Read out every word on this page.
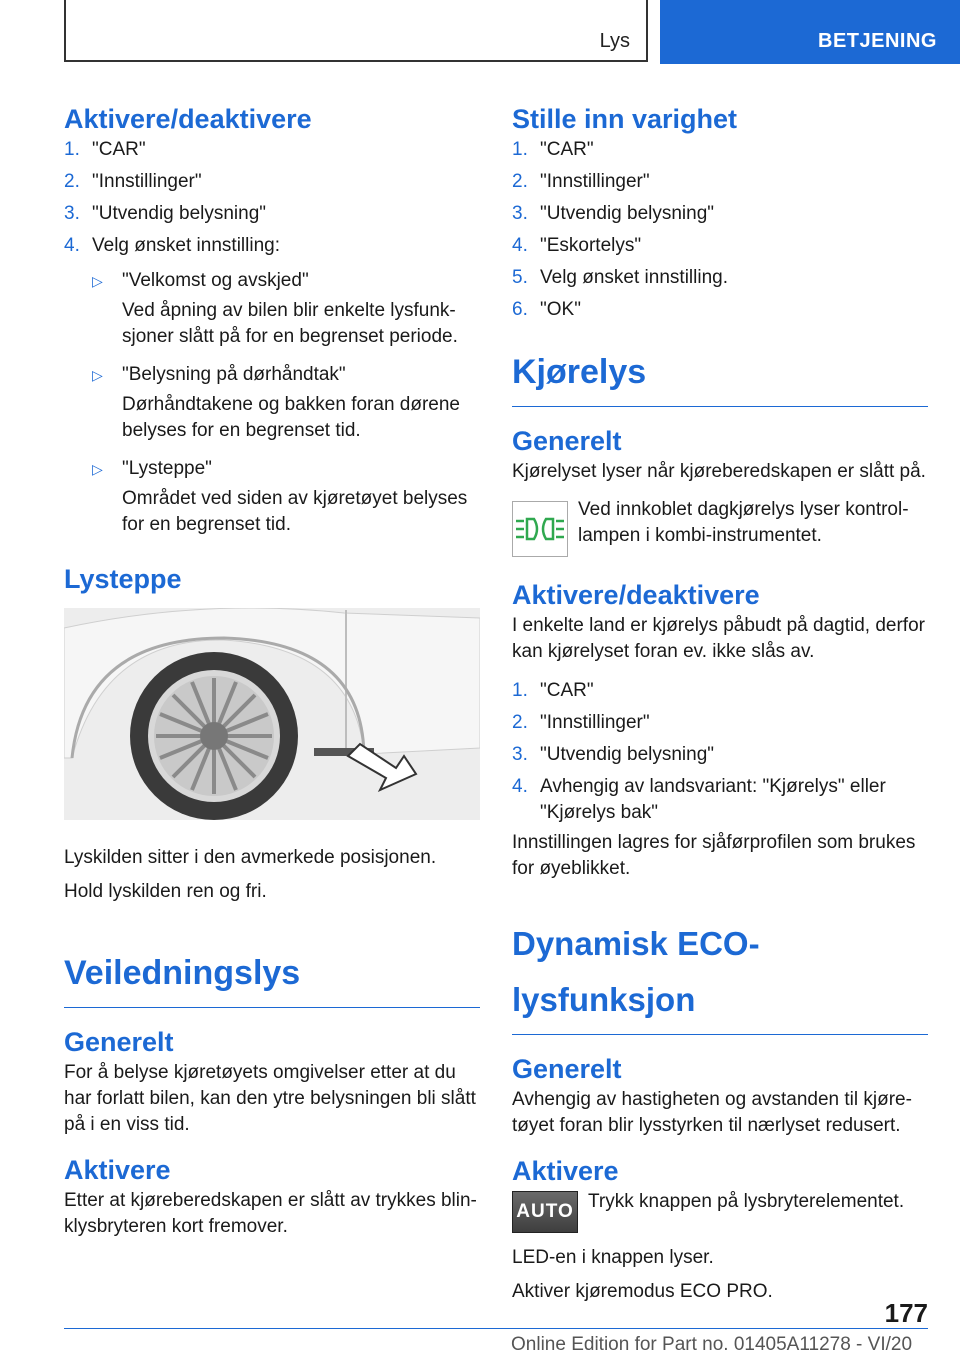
Lys	BETJENING
Aktivere/deaktivere
1. "CAR"
2. "Innstillinger"
3. "Utvendig belysning"
4. Velg ønsket innstilling:
▷	"Velkomst og avskjed"

Ved åpning av bilen blir enkelte lysfunk-sjoner slått på for en begrenset periode.

▷	"Belysning på dørhåndtak"

Dørhåndtakene og bakken foran dørene belyses for en begrenset tid.

▷	"Lysteppe"

Området ved siden av kjøretøyet belyses for en begrenset tid.

Lysteppe

Lyskilden sitter i den avmerkede posisjonen.

Hold lyskilden ren og fri.

Veiledningslys
Generelt

For å belyse kjøretøyets omgivelser etter at du har forlatt bilen, kan den ytre belysningen bli slått på i en viss tid.

Aktivere

Etter at kjøreberedskapen er slått av trykkes blin-klysbryteren kort fremover.

Stille inn varighet
1. "CAR"
2. "Innstillinger"
3. "Utvendig belysning"
4. "Eskortelys"
5. Velg ønsket innstilling.
6. "OK"
Kjørelys
Generelt

Kjørelyset lyser når kjøreberedskapen er slått på.

Ved innkoblet dagkjørelys lyser kontrol-lampen i kombi-instrumentet.

Aktivere/deaktivere

I enkelte land er kjørelys påbudt på dagtid, derfor kan kjørelyset foran ev. ikke slås av.

1. "CAR"
2. "Innstillinger"
3. "Utvendig belysning"
4. Avhengig av landsvariant: "Kjørelys" eller "Kjørelys bak"

Innstillingen lagres for sjåførprofilen som brukes for øyeblikket.

Dynamisk ECO-lysfunksjon
Generelt

Avhengig av hastigheten og avstanden til kjøre-tøyet foran blir lysstyrken til nærlyset redusert.

Aktivere
AUTO Trykk knappen på lysbryterelementet.

LED-en i knappen lyser.

Aktiver kjøremodus ECO PRO.

177
Online Edition for Part no. 01405A11278 - VI/20
